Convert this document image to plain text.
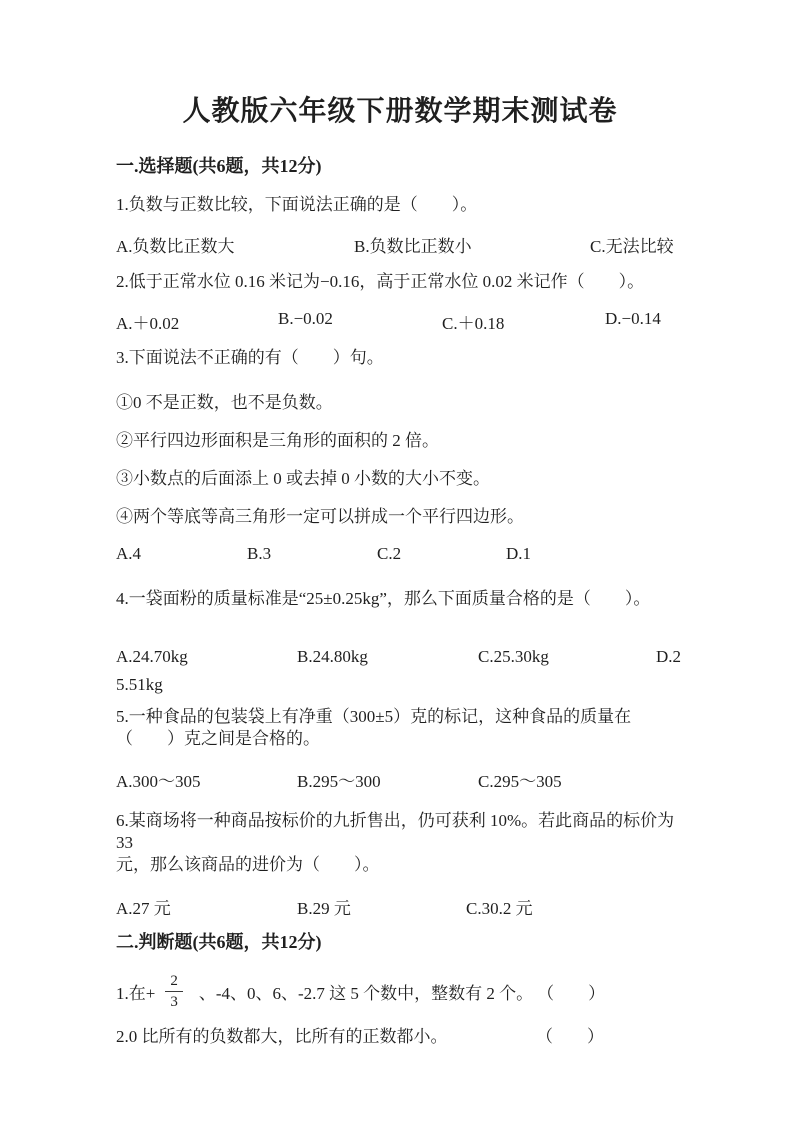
人教版六年级下册数学期末测试卷
一.选择题(共6题，共12分)
1.负数与正数比较，下面说法正确的是（　　）。
A.负数比正数大	B.负数比正数小	C.无法比较
2.低于正常水位 0.16 米记为−0.16，高于正常水位 0.02 米记作（　　）。
A.＋0.02	B.−0.02	C.＋0.18	D.−0.14
3.下面说法不正确的有（　　）句。
①0 不是正数，也不是负数。
②平行四边形面积是三角形的面积的 2 倍。
③小数点的后面添上 0 或去掉 0 小数的大小不变。
④两个等底等高三角形一定可以拼成一个平行四边形。
A.4	B.3	C.2	D.1
4.一袋面粉的质量标准是“25±0.25kg”，那么下面质量合格的是（　　）。
A.24.70kg	B.24.80kg	C.25.30kg	D.2
5.51kg
5.一种食品的包装袋上有净重（300±5）克的标记，这种食品的质量在
（　　）克之间是合格的。
A.300～305	B.295～300	C.295～305
6.某商场将一种商品按标价的九折售出，仍可获利 10%。若此商品的标价为 33
元，那么该商品的进价为（　　）。
A.27 元	B.29 元	C.30.2 元
二.判断题(共6题，共12分)
1.在+ $\frac{2}{3}$ 、-4、0、6、-2.7 这 5 个数中，整数有 2 个。 （　　）
2.0 比所有的负数都大，比所有的正数都小。	（　　）
